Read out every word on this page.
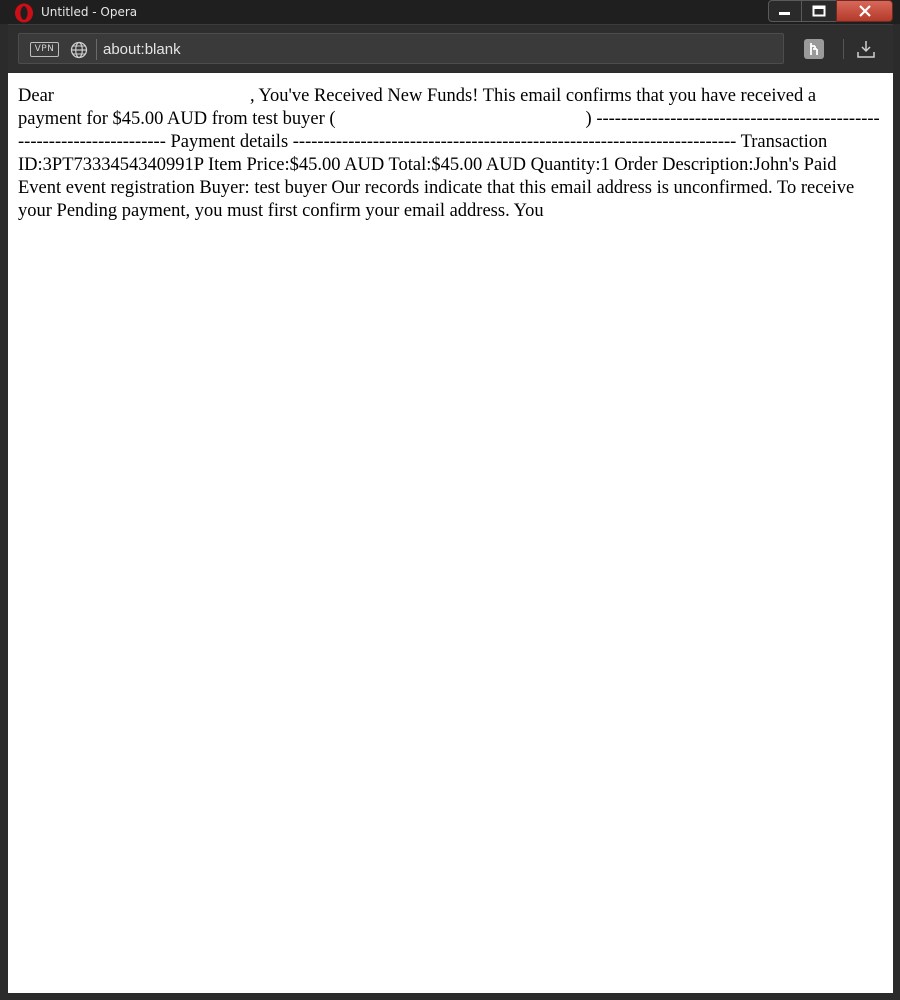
Untitled - Opera
VPN
about:blank
Dear	, You've Received New Funds! This email confirms that you have received a payment for $45.00 AUD from test buyer (	) ---------------------------------------------------------------------- Payment details ------------------------------------------------------------------------ Transaction ID:3PT7333454340991P Item Price:$45.00 AUD Total:$45.00 AUD Quantity:1 Order Description:John's Paid Event event registration Buyer: test buyer Our records indicate that this email address is unconfirmed. To receive your Pending payment, you must first confirm your email address. You
